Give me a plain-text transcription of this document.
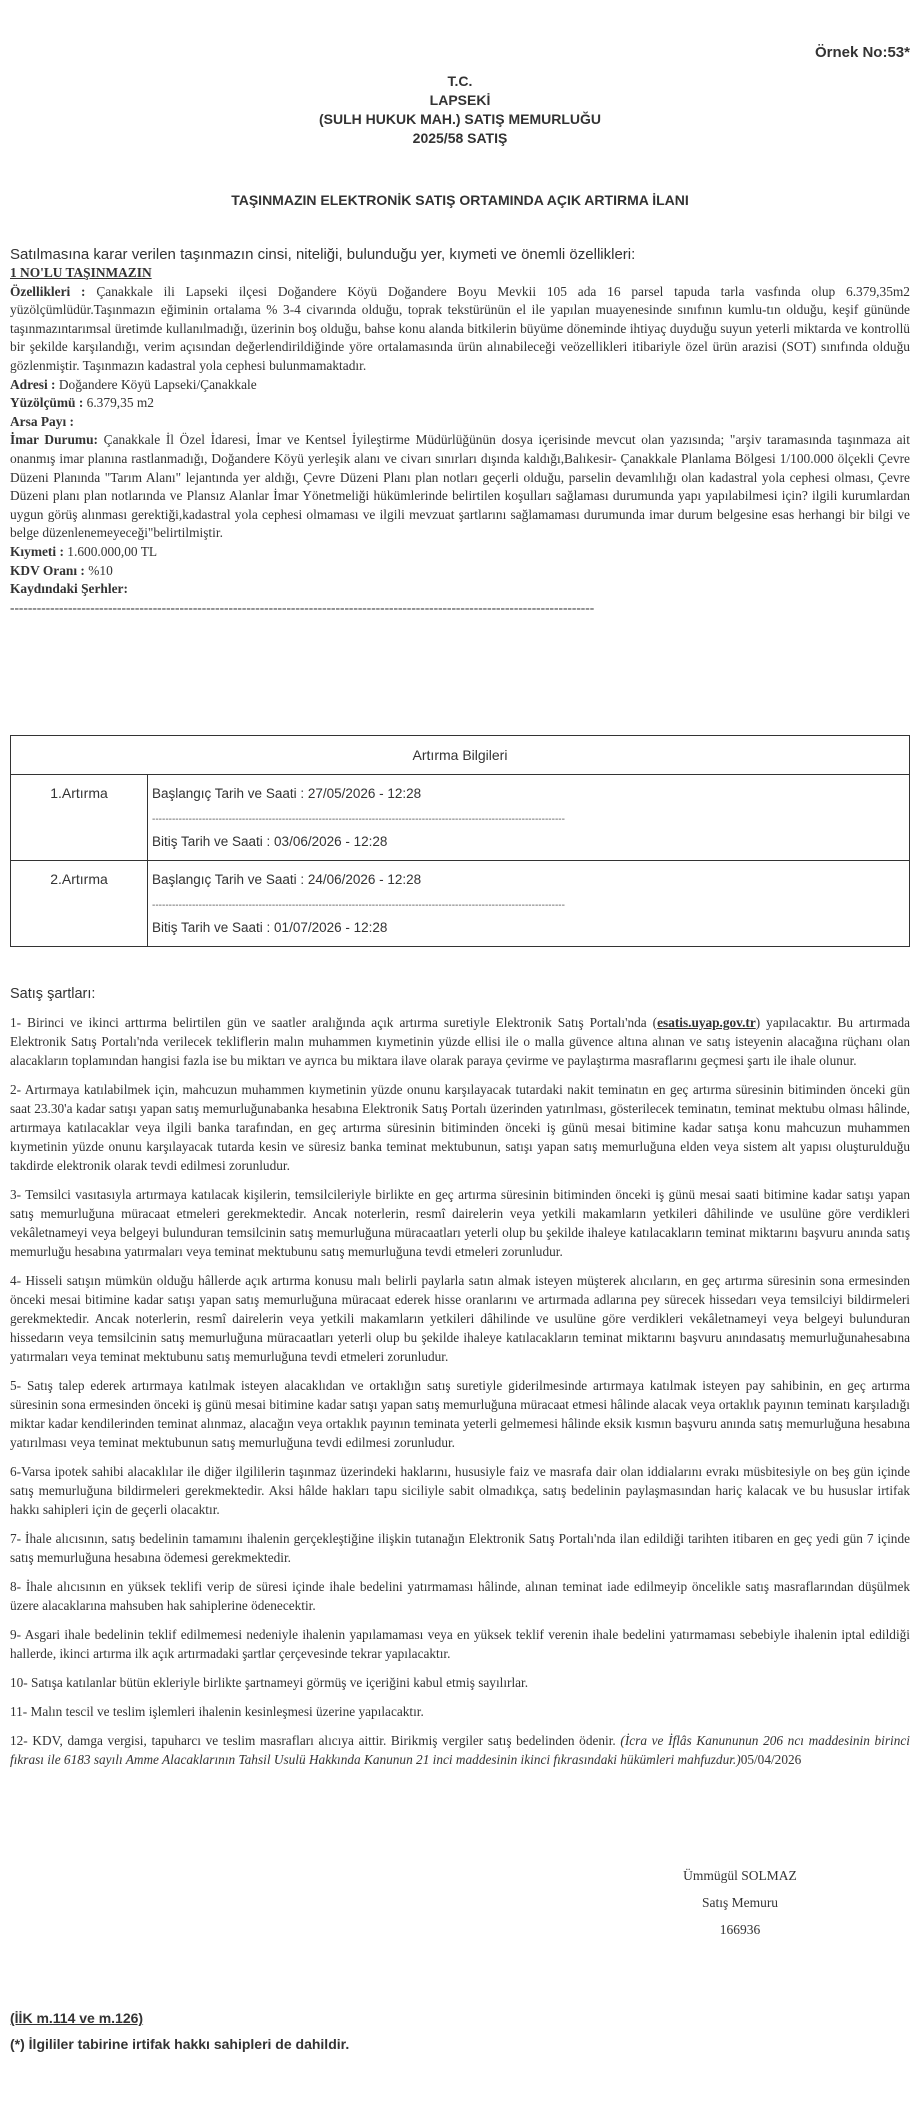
Örnek No:53*
T.C.
LAPSEKİ
(SULH HUKUK MAH.) SATIŞ MEMURLUĞU
2025/58 SATIŞ
TAŞINMAZIN ELEKTRONİK SATIŞ ORTAMINDA AÇIK ARTIRMA İLANI
Satılmasına karar verilen taşınmazın cinsi, niteliği, bulunduğu yer, kıymeti ve önemli özellikleri:
1 NO'LU TAŞINMAZIN
Özellikleri : Çanakkale ili Lapseki ilçesi Doğandere Köyü Doğandere Boyu Mevkii 105 ada 16 parsel tapuda tarla vasfında olup 6.379,35m2 yüzölçümlüdür.Taşınmazın eğiminin ortalama % 3-4 civarında olduğu, toprak tekstürünün el ile yapılan muayenesinde sınıfının kumlu-tın olduğu, keşif gününde taşınmazıntarımsal üretimde kullanılmadığı, üzerinin boş olduğu, bahse konu alanda bitkilerin büyüme döneminde ihtiyaç duyduğu suyun yeterli miktarda ve kontrollü bir şekilde karşılandığı, verim açısından değerlendirildiğinde yöre ortalamasında ürün alınabileceği veözellikleri itibariyle özel ürün arazisi (SOT) sınıfında olduğu gözlenmiştir. Taşınmazın kadastral yola cephesi bulunmamaktadır.
Adresi : Doğandere Köyü Lapseki/Çanakkale
Yüzölçümü : 6.379,35 m2
Arsa Payı :
İmar Durumu: Çanakkale İl Özel İdaresi, İmar ve Kentsel İyileştirme Müdürlüğünün dosya içerisinde mevcut olan yazısında; "arşiv taramasında taşınmaza ait onanmış imar planına rastlanmadığı, Doğandere Köyü yerleşik alanı ve civarı sınırları dışında kaldığı,Balıkesir- Çanakkale Planlama Bölgesi 1/100.000 ölçekli Çevre Düzeni Planında "Tarım Alanı" lejantında yer aldığı, Çevre Düzeni Planı plan notları geçerli olduğu, parselin devamlılığı olan kadastral yola cephesi olması, Çevre Düzeni planı plan notlarında ve Plansız Alanlar İmar Yönetmeliği hükümlerinde belirtilen koşulları sağlaması durumunda yapı yapılabilmesi için? ilgili kurumlardan uygun görüş alınması gerektiği,kadastral yola cephesi olmaması ve ilgili mevzuat şartlarını sağlamaması durumunda imar durum belgesine esas herhangi bir bilgi ve belge düzenlenemeyeceği"belirtilmiştir.
Kıymeti : 1.600.000,00 TL
KDV Oranı : %10
Kaydındaki Şerhler:
-----------------------------------------------------------------------------------------------------------------------------------
Artırma Bilgileri	
1.Artırma	Başlangıç Tarih ve Saati : 27/05/2026 - 12:28
----------------------------------------------------------------------------------------------------------------------------
Bitiş Tarih ve Saati : 03/06/2026 - 12:28

2.Artırma	Başlangıç Tarih ve Saati : 24/06/2026 - 12:28
----------------------------------------------------------------------------------------------------------------------------
Bitiş Tarih ve Saati : 01/07/2026 - 12:28
Satış şartları:

1- Birinci ve ikinci arttırma belirtilen gün ve saatler aralığında açık artırma suretiyle Elektronik Satış Portalı'nda (esatis.uyap.gov.tr) yapılacaktır. Bu artırmada Elektronik Satış Portalı'nda verilecek tekliflerin malın muhammen kıymetinin yüzde ellisi ile o malla güvence altına alınan ve satış isteyenin alacağına rüçhanı olan alacakların toplamından hangisi fazla ise bu miktarı ve ayrıca bu miktara ilave olarak paraya çevirme ve paylaştırma masraflarını geçmesi şartı ile ihale olunur.

2- Artırmaya katılabilmek için, mahcuzun muhammen kıymetinin yüzde onunu karşılayacak tutardaki nakit teminatın en geç artırma süresinin bitiminden önceki gün saat 23.30'a kadar satışı yapan satış memurluğunabanka hesabına Elektronik Satış Portalı üzerinden yatırılması, gösterilecek teminatın, teminat mektubu olması hâlinde, artırmaya katılacaklar veya ilgili banka tarafından, en geç artırma süresinin bitiminden önceki iş günü mesai bitimine kadar satışa konu mahcuzun muhammen kıymetinin yüzde onunu karşılayacak tutarda kesin ve süresiz banka teminat mektubunun, satışı yapan satış memurluğuna elden veya sistem alt yapısı oluşturulduğu takdirde elektronik olarak tevdi edilmesi zorunludur.

3- Temsilci vasıtasıyla artırmaya katılacak kişilerin, temsilcileriyle birlikte en geç artırma süresinin bitiminden önceki iş günü mesai saati bitimine kadar satışı yapan satış memurluğuna müracaat etmeleri gerekmektedir. Ancak noterlerin, resmî dairelerin veya yetkili makamların yetkileri dâhilinde ve usulüne göre verdikleri vekâletnameyi veya belgeyi bulunduran temsilcinin satış memurluğuna müracaatları yeterli olup bu şekilde ihaleye katılacakların teminat miktarını başvuru anında satış memurluğu hesabına yatırmaları veya teminat mektubunu satış memurluğuna tevdi etmeleri zorunludur.

4- Hisseli satışın mümkün olduğu hâllerde açık artırma konusu malı belirli paylarla satın almak isteyen müşterek alıcıların, en geç artırma süresinin sona ermesinden önceki mesai bitimine kadar satışı yapan satış memurluğuna müracaat ederek hisse oranlarını ve artırmada adlarına pey sürecek hissedarı veya temsilciyi bildirmeleri gerekmektedir. Ancak noterlerin, resmî dairelerin veya yetkili makamların yetkileri dâhilinde ve usulüne göre verdikleri vekâletnameyi veya belgeyi bulunduran hissedarın veya temsilcinin satış memurluğuna müracaatları yeterli olup bu şekilde ihaleye katılacakların teminat miktarını başvuru anındasatış memurluğunahesabına yatırmaları veya teminat mektubunu satış memurluğuna tevdi etmeleri zorunludur.

5- Satış talep ederek artırmaya katılmak isteyen alacaklıdan ve ortaklığın satış suretiyle giderilmesinde artırmaya katılmak isteyen pay sahibinin, en geç artırma süresinin sona ermesinden önceki iş günü mesai bitimine kadar satışı yapan satış memurluğuna müracaat etmesi hâlinde alacak veya ortaklık payının teminatı karşıladığı miktar kadar kendilerinden teminat alınmaz, alacağın veya ortaklık payının teminata yeterli gelmemesi hâlinde eksik kısmın başvuru anında satış memurluğuna hesabına yatırılması veya teminat mektubunun satış memurluğuna tevdi edilmesi zorunludur.

6-Varsa ipotek sahibi alacaklılar ile diğer ilgililerin taşınmaz üzerindeki haklarını, hususiyle faiz ve masrafa dair olan iddialarını evrakı müsbitesiyle on beş gün içinde satış memurluğuna bildirmeleri gerekmektedir. Aksi hâlde hakları tapu siciliyle sabit olmadıkça, satış bedelinin paylaşmasından hariç kalacak ve bu hususlar irtifak hakkı sahipleri için de geçerli olacaktır.

7- İhale alıcısının, satış bedelinin tamamını ihalenin gerçekleştiğine ilişkin tutanağın Elektronik Satış Portalı'nda ilan edildiği tarihten itibaren en geç yedi gün 7 içinde satış memurluğuna hesabına ödemesi gerekmektedir.

8- İhale alıcısının en yüksek teklifi verip de süresi içinde ihale bedelini yatırmaması hâlinde, alınan teminat iade edilmeyip öncelikle satış masraflarından düşülmek üzere alacaklarına mahsuben hak sahiplerine ödenecektir.

9- Asgari ihale bedelinin teklif edilmemesi nedeniyle ihalenin yapılamaması veya en yüksek teklif verenin ihale bedelini yatırmaması sebebiyle ihalenin iptal edildiği hallerde, ikinci artırma ilk açık artırmadaki şartlar çerçevesinde tekrar yapılacaktır.

10- Satışa katılanlar bütün ekleriyle birlikte şartnameyi görmüş ve içeriğini kabul etmiş sayılırlar.

11- Malın tescil ve teslim işlemleri ihalenin kesinleşmesi üzerine yapılacaktır.

12- KDV, damga vergisi, tapuharcı ve teslim masrafları alıcıya aittir. Birikmiş vergiler satış bedelinden ödenir. (İcra ve İflâs Kanununun 206 ncı maddesinin birinci fıkrası ile 6183 sayılı Amme Alacaklarının Tahsil Usulü Hakkında Kanunun 21 inci maddesinin ikinci fıkrasındaki hükümleri mahfuzdur.)05/04/2026

Ümmügül SOLMAZ
Satış Memuru
166936
(İİK m.114 ve m.126)
(*) İlgililer tabirine irtifak hakkı sahipleri de dahildir.
